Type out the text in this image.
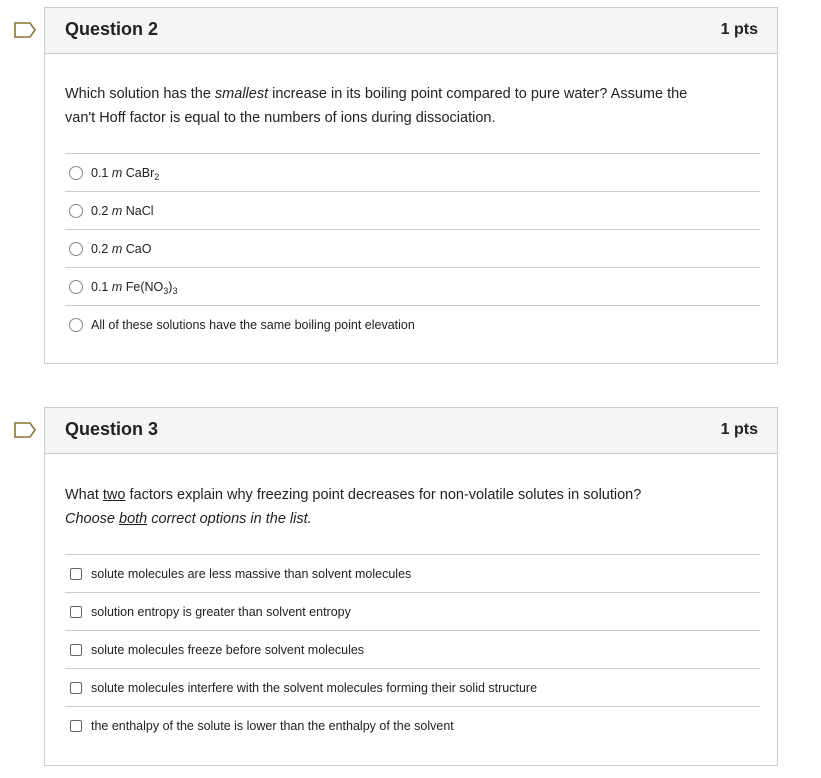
Question 2	1 pts
Which solution has the smallest increase in its boiling point compared to pure water? Assume the
van't Hoff factor is equal to the numbers of ions during dissociation.
0.1 m CaBr$_2$
0.2 m NaCl
0.2 m CaO
0.1 m $Fe(NO_3)_3$
All of these solutions have the same boiling point elevation
Question 3	1 pts
What two factors explain why freezing point decreases for non-volatile solutes in solution?
Choose both correct options in the list.
solute molecules are less massive than solvent molecules
solution entropy is greater than solvent entropy
solute molecules freeze before solvent molecules
solute molecules interfere with the solvent molecules forming their solid structure
the enthalpy of the solute is lower than the enthalpy of the solvent
